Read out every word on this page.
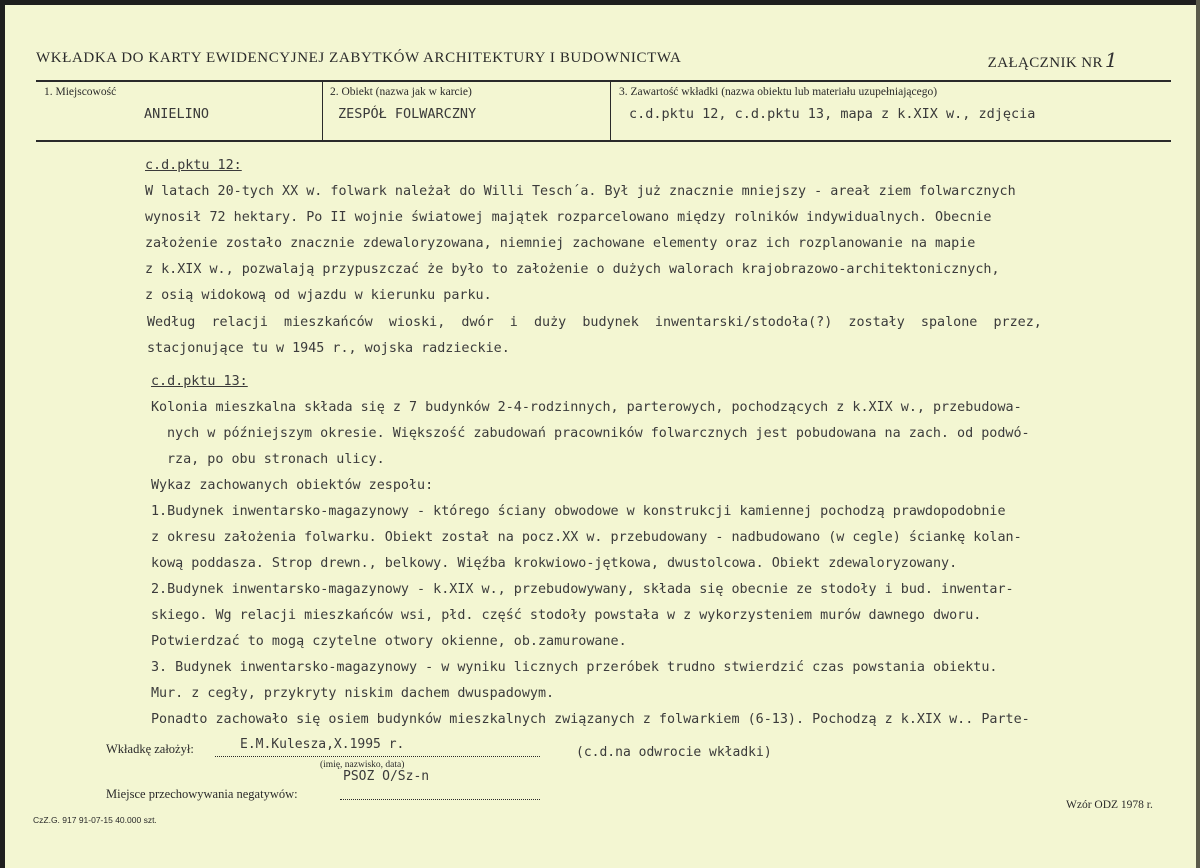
WKŁADKA DO KARTY EWIDENCYJNEJ ZABYTKÓW ARCHITEKTURY I BUDOWNICTWA	ZAŁĄCZNIK NR 1
1. Miejscowość
ANIELINO
2. Obiekt (nazwa jak w karcie)
ZESPÓŁ FOLWARCZNY
3. Zawartość wkładki (nazwa obiektu lub materiału uzupełniającego)
c.d.pktu 12, c.d.pktu 13, mapa z k.XIX w., zdjęcia
c.d.pktu 12:
W latach 20-tych XX w. folwark należał do Willi Tesch´a. Był już znacznie mniejszy - areał ziem folwarcznych
wynosił 72 hektary. Po II wojnie światowej majątek rozparcelowano między rolników indywidualnych. Obecnie
założenie zostało znacznie zdewaloryzowana, niemniej zachowane elementy oraz ich rozplanowanie na mapie
z k.XIX w., pozwalają przypuszczać że było to założenie o dużych walorach krajobrazowo-architektonicznych,
z osią widokową od wjazdu w kierunku parku.
Według  relacji  mieszkańców  wioski,  dwór  i  duży  budynek  inwentarski/stodoła(?)  zostały  spalone  przez,
stacjonujące tu w 1945 r., wojska radzieckie.
c.d.pktu 13:
Kolonia mieszkalna składa się z 7 budynków 2-4-rodzinnych, parterowych, pochodzących z k.XIX w., przebudowa-
nych w późniejszym okresie. Większość zabudowań pracowników folwarcznych jest pobudowana na zach. od podwó-
rza, po obu stronach ulicy.
Wykaz zachowanych obiektów zespołu:
1.Budynek inwentarsko-magazynowy - którego ściany obwodowe w konstrukcji kamiennej pochodzą prawdopodobnie
z okresu założenia folwarku. Obiekt został na pocz.XX w. przebudowany - nadbudowano (w cegle) ściankę kolan-
kową poddasza. Strop drewn., belkowy. Więźba krokwiowo-jętkowa, dwustolcowa. Obiekt zdewaloryzowany.
2.Budynek inwentarsko-magazynowy - k.XIX w., przebudowywany, składa się obecnie ze stodoły i bud. inwentar-
skiego. Wg relacji mieszkańców wsi, płd. część stodoły powstała w z wykorzysteniem murów dawnego dworu.
Potwierdzać to mogą czytelne otwory okienne, ob.zamurowane.
3. Budynek inwentarsko-magazynowy - w wyniku licznych przeróbek trudno stwierdzić czas powstania obiektu.
Mur. z cegły, przykryty niskim dachem dwuspadowym.
Ponadto zachowało się osiem budynków mieszkalnych związanych z folwarkiem (6-13). Pochodzą z k.XIX w.. Parte-
Wkładkę założył:	E.M.Kulesza,X.1995 r.
(imię, nazwisko, data)
(c.d.na odwrocie wkładki)
PSOZ O/Sz-n
Miejsce przechowywania negatywów:
CzZ.G. 917 91-07-15 40.000 szt.
Wzór ODZ 1978 r.
